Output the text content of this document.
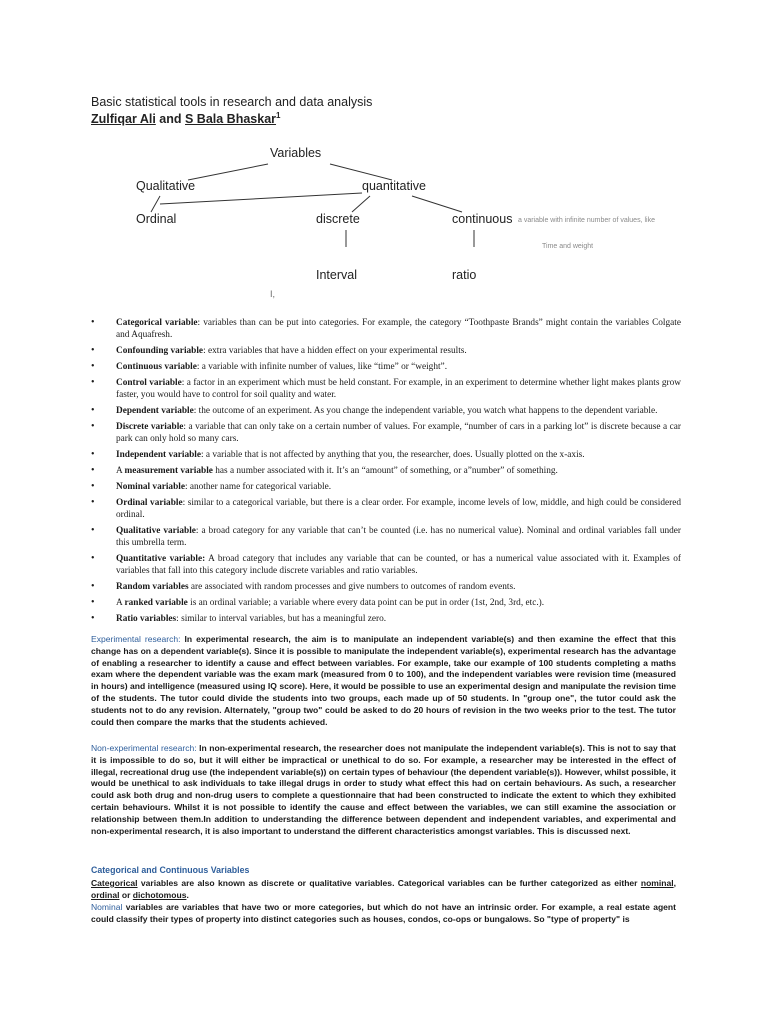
Basic statistical tools in research and data analysis
Zulfiqar Ali and S Bala Bhaskar$^1$
Variables
Qualitative	quantitative
Ordinal	discrete	continuous a variable with infinite number of values, like
Time and weight
Interval	ratio
I,
• Categorical variable: variables than can be put into categories. For example, the category “Toothpaste Brands” might contain the variables Colgate and Aquafresh.
• Confounding variable: extra variables that have a hidden effect on your experimental results.
• Continuous variable: a variable with infinite number of values, like “time” or “weight”.
• Control variable: a factor in an experiment which must be held constant. For example, in an experiment to determine whether light makes plants grow faster, you would have to control for soil quality and water.
• Dependent variable: the outcome of an experiment. As you change the independent variable, you watch what happens to the dependent variable.
• Discrete variable: a variable that can only take on a certain number of values. For example, “number of cars in a parking lot” is discrete because a car park can only hold so many cars.
• Independent variable: a variable that is not affected by anything that you, the researcher, does. Usually plotted on the x-axis.
• A measurement variable has a number associated with it. It’s an “amount” of something, or a”number” of something.
• Nominal variable: another name for categorical variable.
• Ordinal variable: similar to a categorical variable, but there is a clear order. For example, income levels of low, middle, and high could be considered ordinal.
• Qualitative variable: a broad category for any variable that can’t be counted (i.e. has no numerical value). Nominal and ordinal variables fall under this umbrella term.
• Quantitative variable: A broad category that includes any variable that can be counted, or has a numerical value associated with it. Examples of variables that fall into this category include discrete variables and ratio variables.
• Random variables are associated with random processes and give numbers to outcomes of random events.
• A ranked variable is an ordinal variable; a variable where every data point can be put in order (1st, 2nd, 3rd, etc.).
• Ratio variables: similar to interval variables, but has a meaningful zero.
Experimental research: In experimental research, the aim is to manipulate an independent variable(s) and then examine the effect that this change has on a dependent variable(s). Since it is possible to manipulate the independent variable(s), experimental research has the advantage of enabling a researcher to identify a cause and effect between variables. For example, take our example of 100 students completing a maths exam where the dependent variable was the exam mark (measured from 0 to 100), and the independent variables were revision time (measured in hours) and intelligence (measured using IQ score). Here, it would be possible to use an experimental design and manipulate the revision time of the students. The tutor could divide the students into two groups, each made up of 50 students. In "group one", the tutor could ask the students not to do any revision. Alternately, "group two" could be asked to do 20 hours of revision in the two weeks prior to the test. The tutor could then compare the marks that the students achieved.
Non-experimental research: In non-experimental research, the researcher does not manipulate the independent variable(s). This is not to say that it is impossible to do so, but it will either be impractical or unethical to do so. For example, a researcher may be interested in the effect of illegal, recreational drug use (the independent variable(s)) on certain types of behaviour (the dependent variable(s)). However, whilst possible, it would be unethical to ask individuals to take illegal drugs in order to study what effect this had on certain behaviours. As such, a researcher could ask both drug and non-drug users to complete a questionnaire that had been constructed to indicate the extent to which they exhibited certain behaviours. Whilst it is not possible to identify the cause and effect between the variables, we can still examine the association or relationship between them.In addition to understanding the difference between dependent and independent variables, and experimental and non-experimental research, it is also important to understand the different characteristics amongst variables. This is discussed next.
Categorical and Continuous Variables
Categorical variables are also known as discrete or qualitative variables. Categorical variables can be further categorized as either nominal, ordinal or dichotomous.
Nominal variables are variables that have two or more categories, but which do not have an intrinsic order. For example, a real estate agent could classify their types of property into distinct categories such as houses, condos, co-ops or bungalows. So "type of property" is
